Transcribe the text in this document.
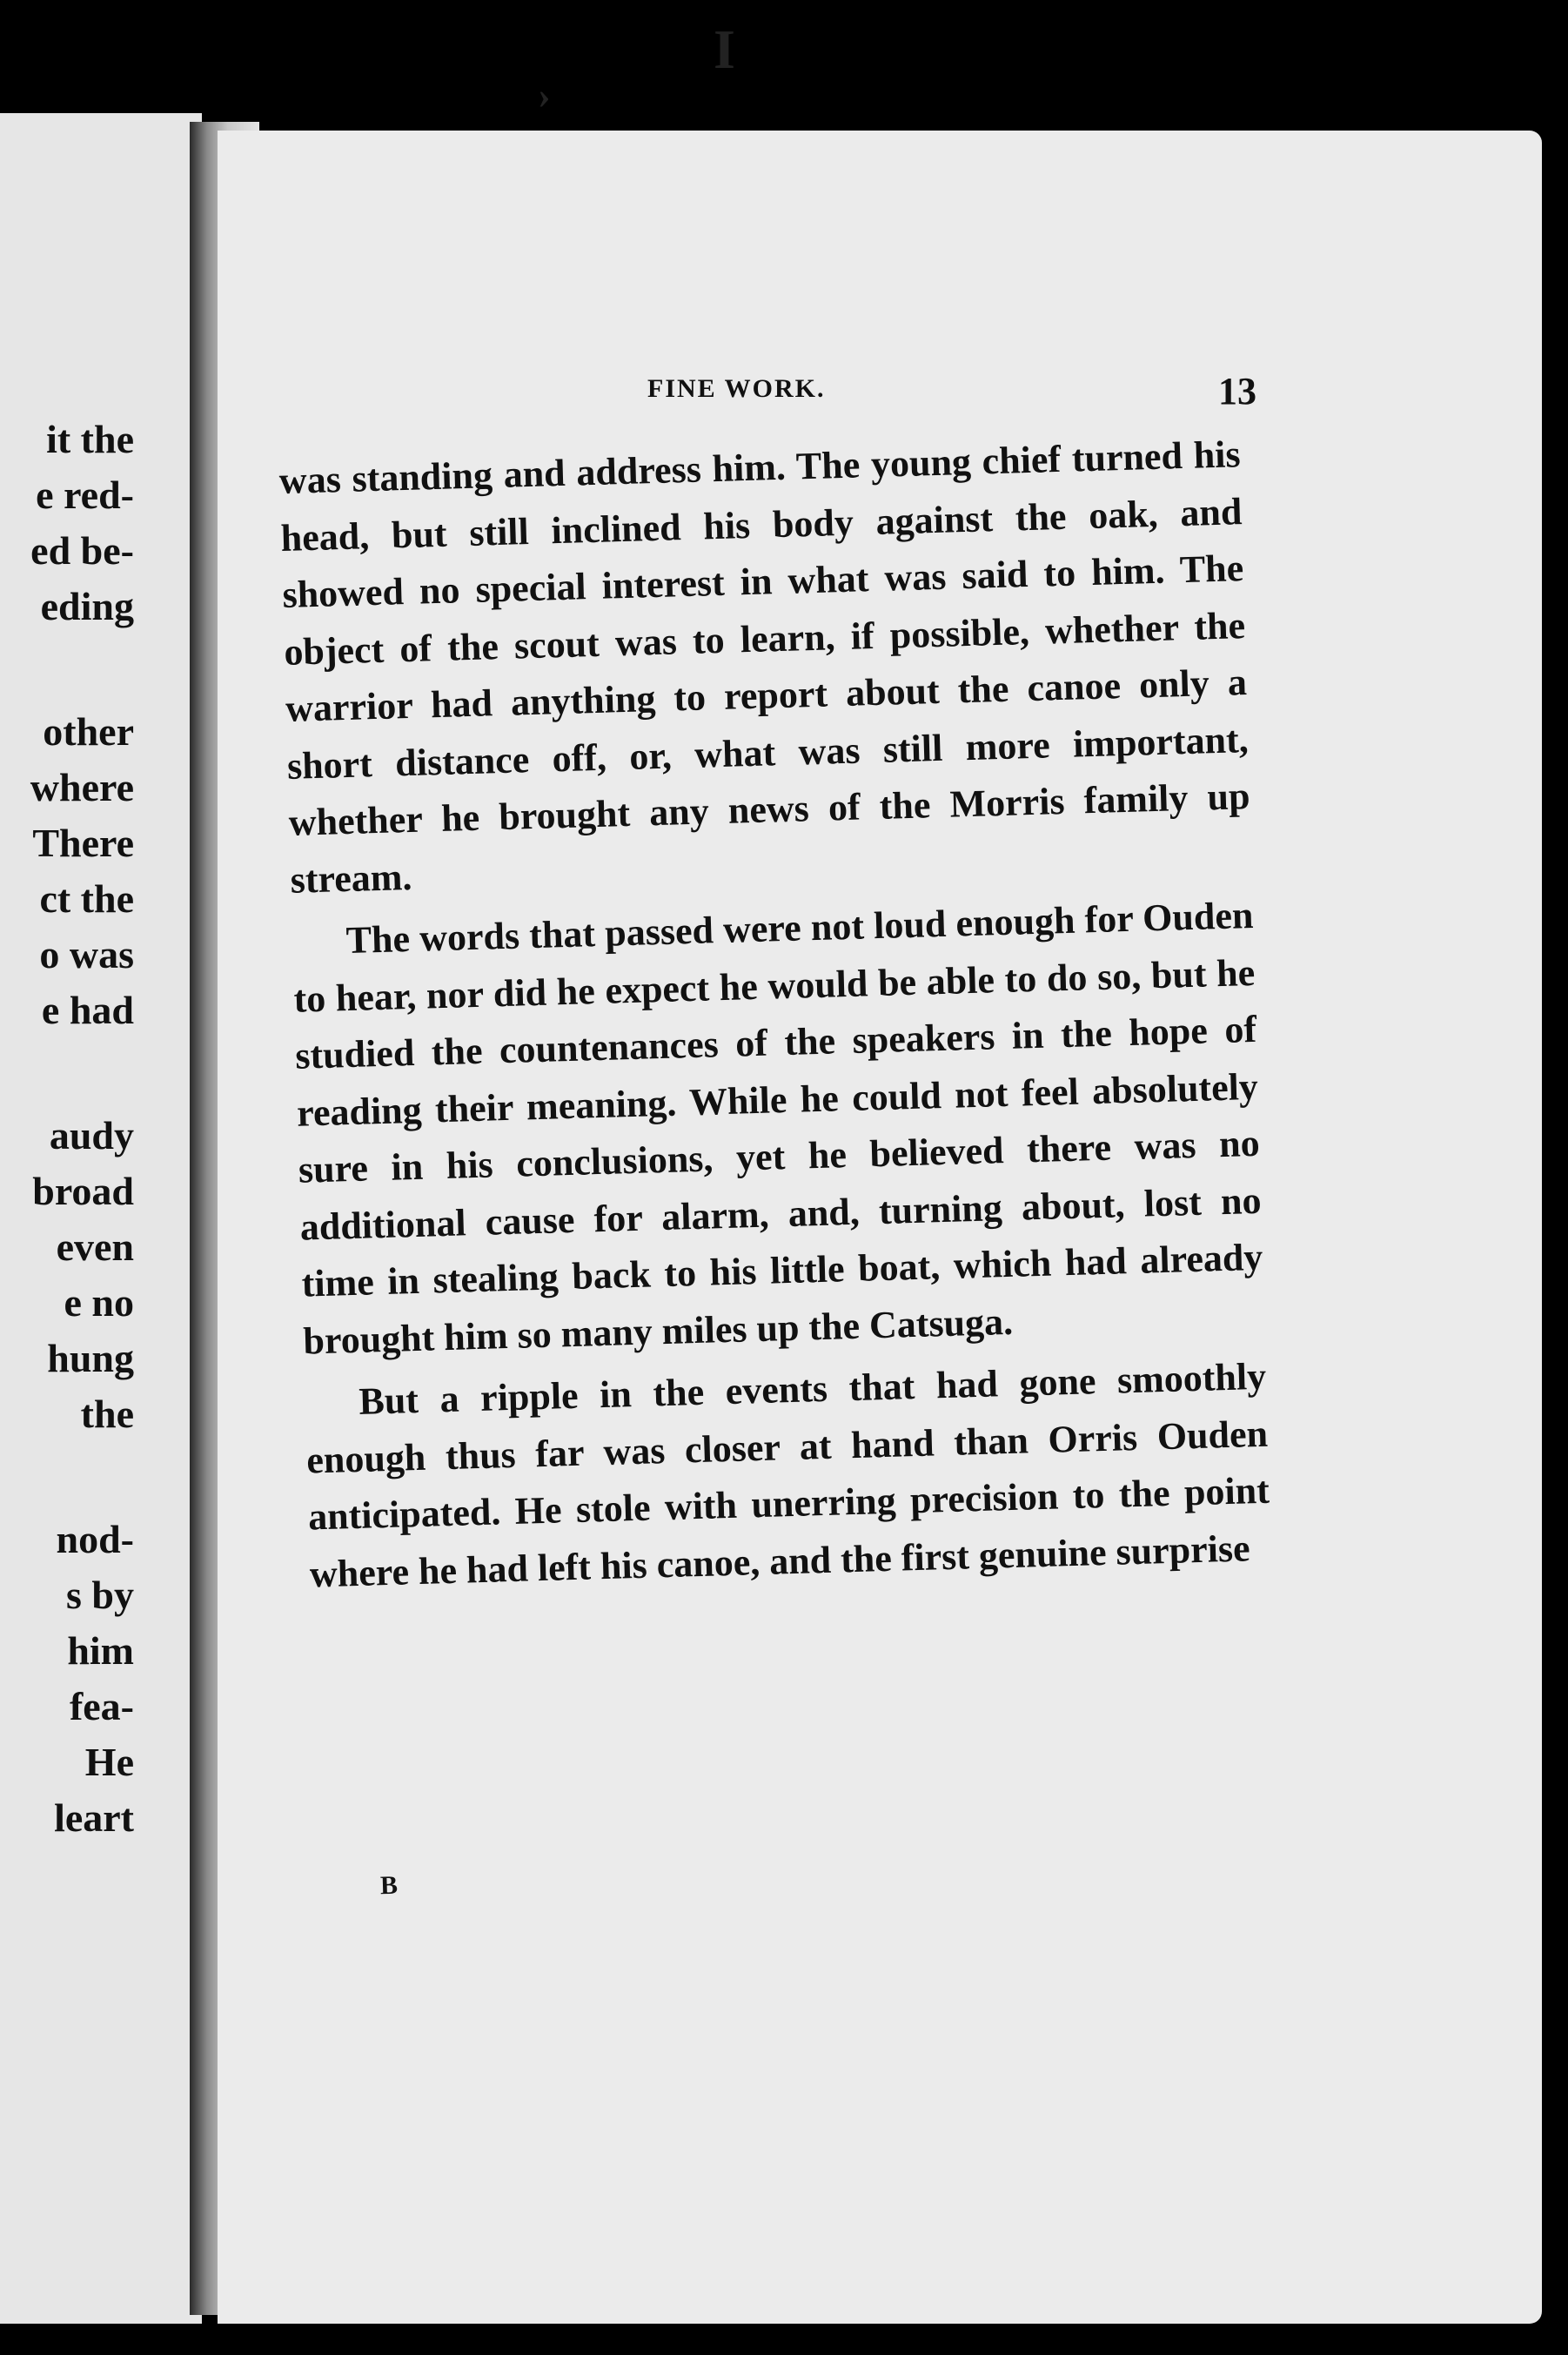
it the
e red-
ed be-
eding
other
where
There
ct the
o was
e had
audy
broad
even
e no
hung
the
nod-
s by
him
fea-
He
leart
I
›
FINE WORK.	13

was standing and address him. The young chief turned his head, but still inclined his body against the oak, and showed no special interest in what was said to him. The object of the scout was to learn, if possible, whether the warrior had anything to report about the canoe only a short distance off, or, what was still more important, whether he brought any news of the Morris family up stream.

The words that passed were not loud enough for Ouden to hear, nor did he expect he would be able to do so, but he studied the countenances of the speakers in the hope of reading their meaning. While he could not feel absolutely sure in his conclusions, yet he believed there was no additional cause for alarm, and, turning about, lost no time in stealing back to his little boat, which had already brought him so many miles up the Catsuga.

But a ripple in the events that had gone smoothly enough thus far was closer at hand than Orris Ouden anticipated. He stole with unerring precision to the point where he had left his canoe, and the first genuine surprise

B
